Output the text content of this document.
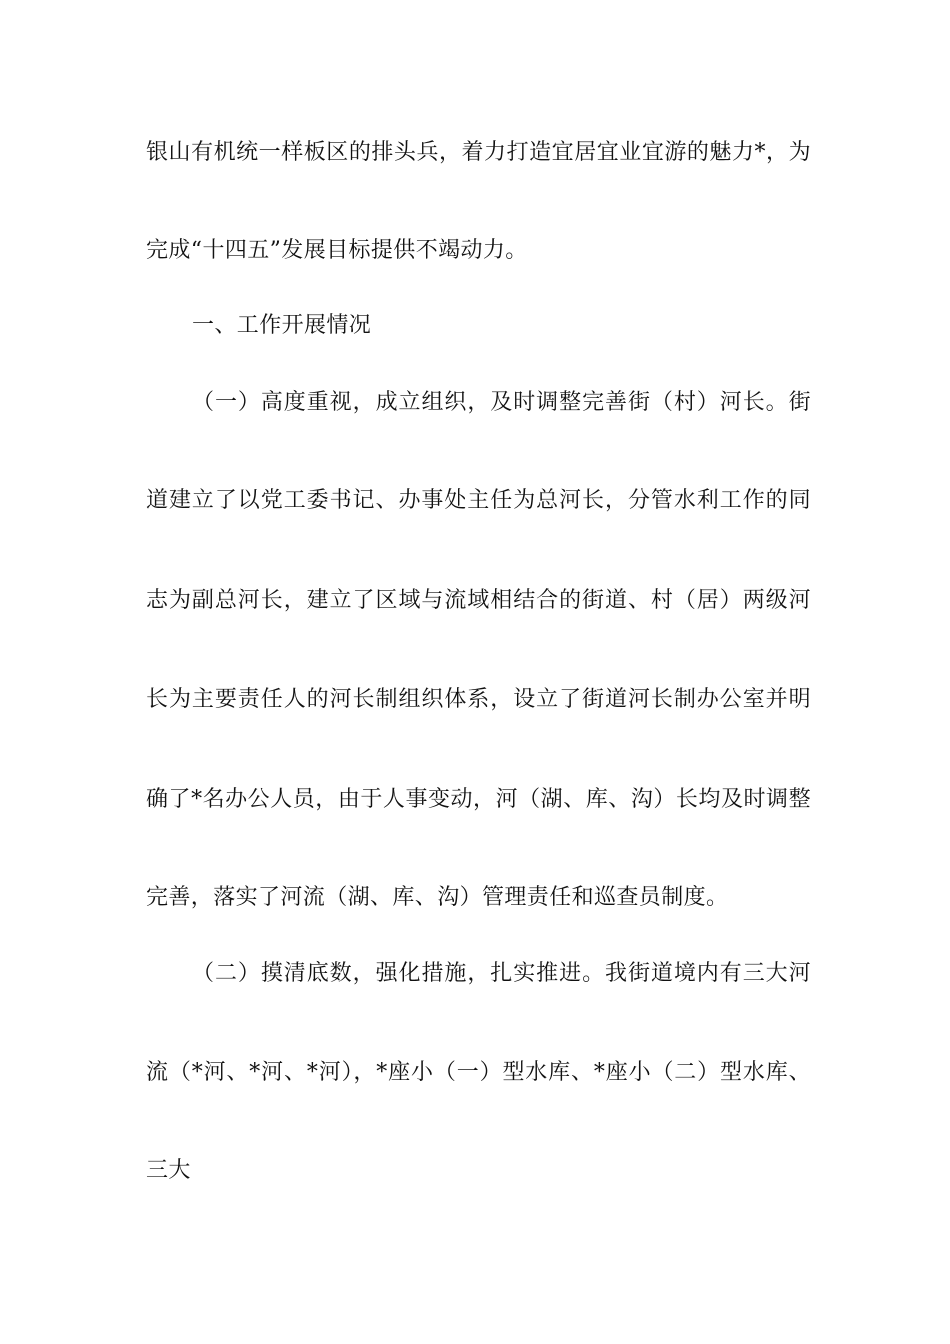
银山有机统一样板区的排头兵，着力打造宜居宜业宜游的魅力*，为
完成“十四五”发展目标提供不竭动力。
一、工作开展情况
（一）高度重视，成立组织，及时调整完善街（村）河长。街
道建立了以党工委书记、办事处主任为总河长，分管水利工作的同
志为副总河长，建立了区域与流域相结合的街道、村（居）两级河
长为主要责任人的河长制组织体系，设立了街道河长制办公室并明
确了*名办公人员，由于人事变动，河（湖、库、沟）长均及时调整
完善，落实了河流（湖、库、沟）管理责任和巡查员制度。
（二）摸清底数，强化措施，扎实推进。我街道境内有三大河
流（*河、*河、*河），*座小（一）型水库、*座小（二）型水库、
三大
